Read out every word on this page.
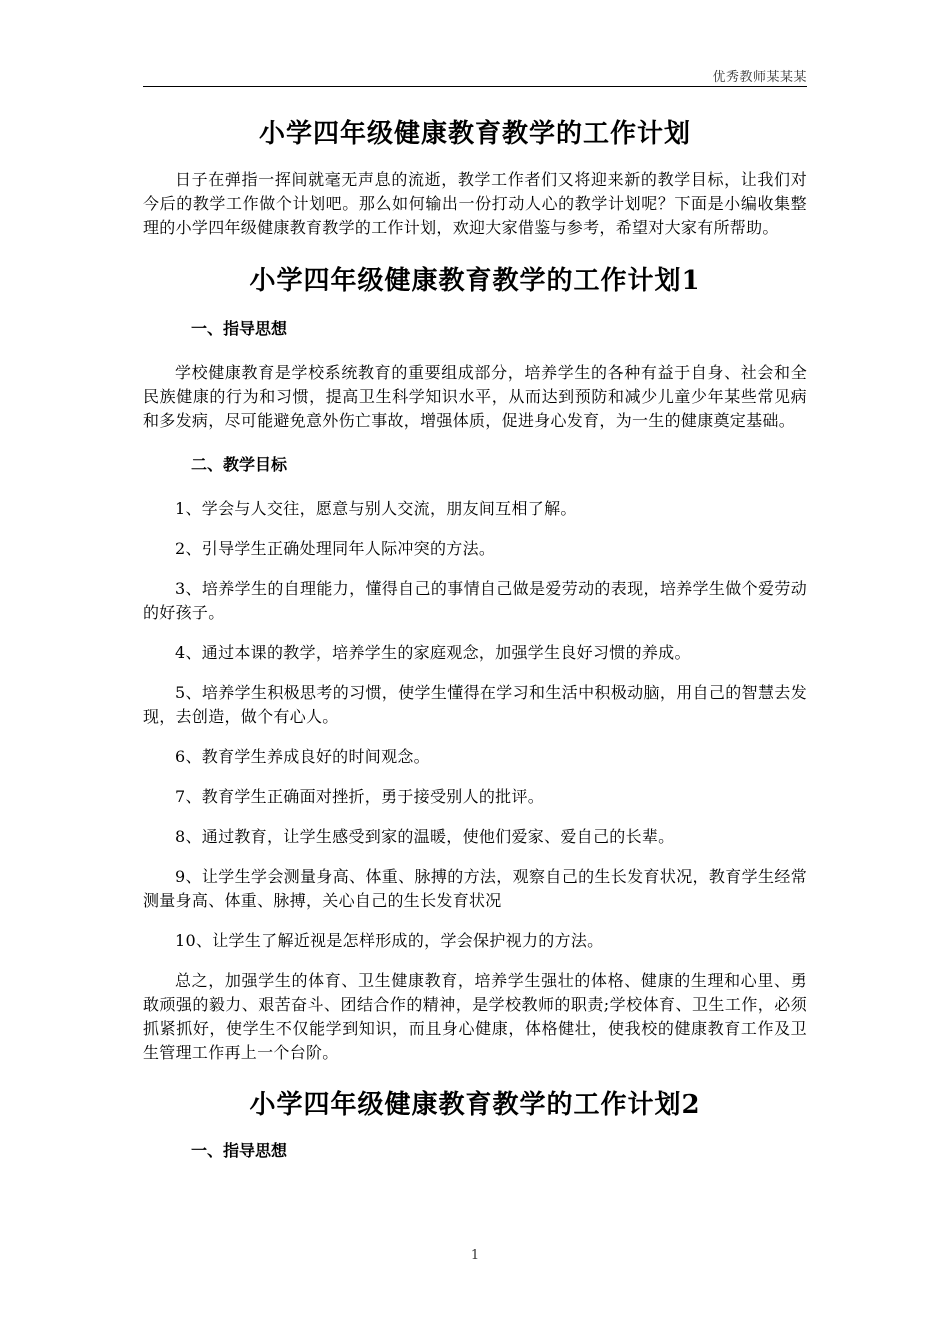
优秀教师某某某
小学四年级健康教育教学的工作计划

日子在弹指一挥间就毫无声息的流逝，教学工作者们又将迎来新的教学目标，让我们对今后的教学工作做个计划吧。那么如何输出一份打动人心的教学计划呢？下面是小编收集整理的小学四年级健康教育教学的工作计划，欢迎大家借鉴与参考，希望对大家有所帮助。

小学四年级健康教育教学的工作计划1

一、指导思想

学校健康教育是学校系统教育的重要组成部分，培养学生的各种有益于自身、社会和全民族健康的行为和习惯，提高卫生科学知识水平，从而达到预防和减少儿童少年某些常见病和多发病，尽可能避免意外伤亡事故，增强体质，促进身心发育，为一生的健康奠定基础。

二、教学目标

1、学会与人交往，愿意与别人交流，朋友间互相了解。

2、引导学生正确处理同年人际冲突的方法。

3、培养学生的自理能力，懂得自己的事情自己做是爱劳动的表现，培养学生做个爱劳动的好孩子。

4、通过本课的教学，培养学生的家庭观念，加强学生良好习惯的养成。

5、培养学生积极思考的习惯，使学生懂得在学习和生活中积极动脑，用自己的智慧去发现，去创造，做个有心人。

6、教育学生养成良好的时间观念。

7、教育学生正确面对挫折，勇于接受别人的批评。

8、通过教育，让学生感受到家的温暖，使他们爱家、爱自己的长辈。

9、让学生学会测量身高、体重、脉搏的方法，观察自己的生长发育状况，教育学生经常测量身高、体重、脉搏，关心自己的生长发育状况

10、让学生了解近视是怎样形成的，学会保护视力的方法。

总之，加强学生的体育、卫生健康教育，培养学生强壮的体格、健康的生理和心里、勇敢顽强的毅力、艰苦奋斗、团结合作的精神，是学校教师的职责;学校体育、卫生工作，必须抓紧抓好，使学生不仅能学到知识，而且身心健康，体格健壮，使我校的健康教育工作及卫生管理工作再上一个台阶。

小学四年级健康教育教学的工作计划2

一、指导思想

1
